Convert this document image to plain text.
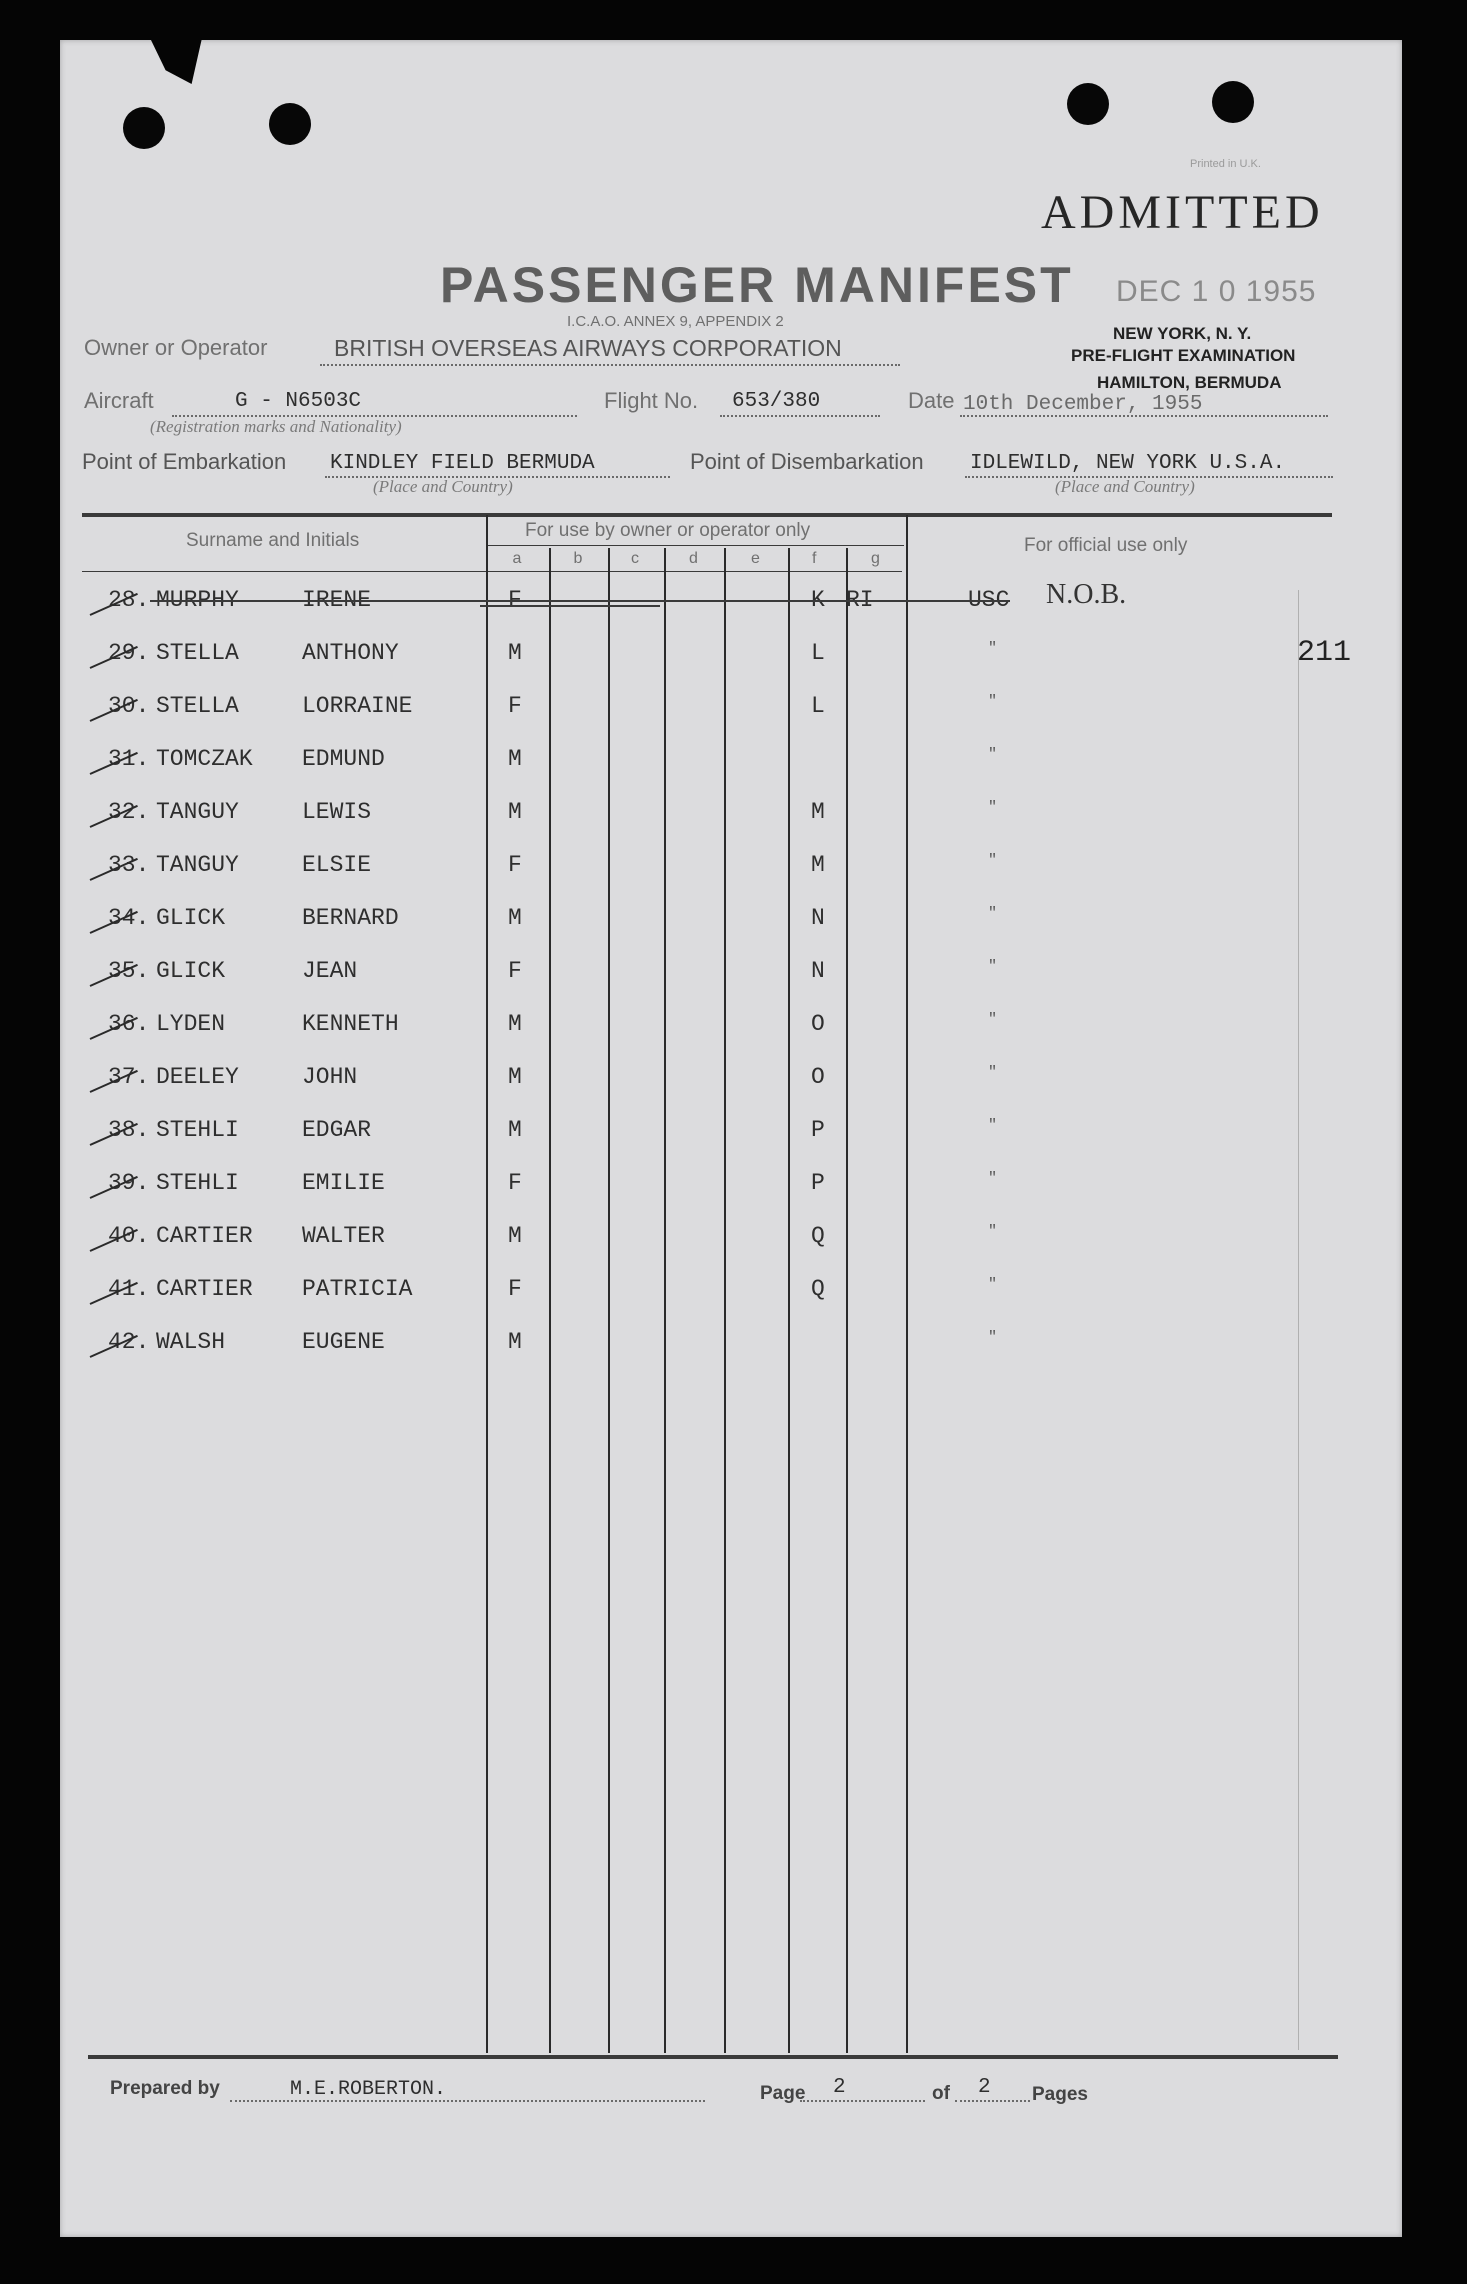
Printed in U.K.
ADMITTED
DEC 1 0 1955
NEW YORK, N. Y.
PRE-FLIGHT EXAMINATION
HAMILTON, BERMUDA
PASSENGER MANIFEST
I.C.A.O. ANNEX 9, APPENDIX 2
Owner or Operator	BRITISH OVERSEAS AIRWAYS CORPORATION
Aircraft	G - N6503C
(Registration marks and Nationality)
Flight No. 653/380	Date 10th December, 1955
Point of Embarkation KINDLEY FIELD BERMUDA
(Place and Country)
Point of Disembarkation IDLEWILD, NEW YORK U.S.A.
(Place and Country)
211
Surname and Initials	For use by owner or operator only
For official use only
a	b	c	d	e	f	g
28. MURPHY	IRENE	F	K RI	USC N.O.B.
29. STELLA	ANTHONY	M	L	"
30. STELLA	LORRAINE	F	L	"
31. TOMCZAK EDMUND	M	"
32. TANGUY	LEWIS	M	M	"
33. TANGUY	ELSIE	F	M	"
34. GLICK	BERNARD	M	N	"
35. GLICK	JEAN	F	N	"
36. LYDEN	KENNETH	M	O	"
37. DEELEY	JOHN	M	O	"
38. STEHLI	EDGAR	M	P	"
39. STEHLI	EMILIE	F	P	"
40. CARTIER WALTER	M	Q	"
41. CARTIER PATRICIA	F	Q	"
42. WALSH	EUGENE	M	"
Prepared by	M.E.ROBERTON.	Page 2	of 2 Pages
